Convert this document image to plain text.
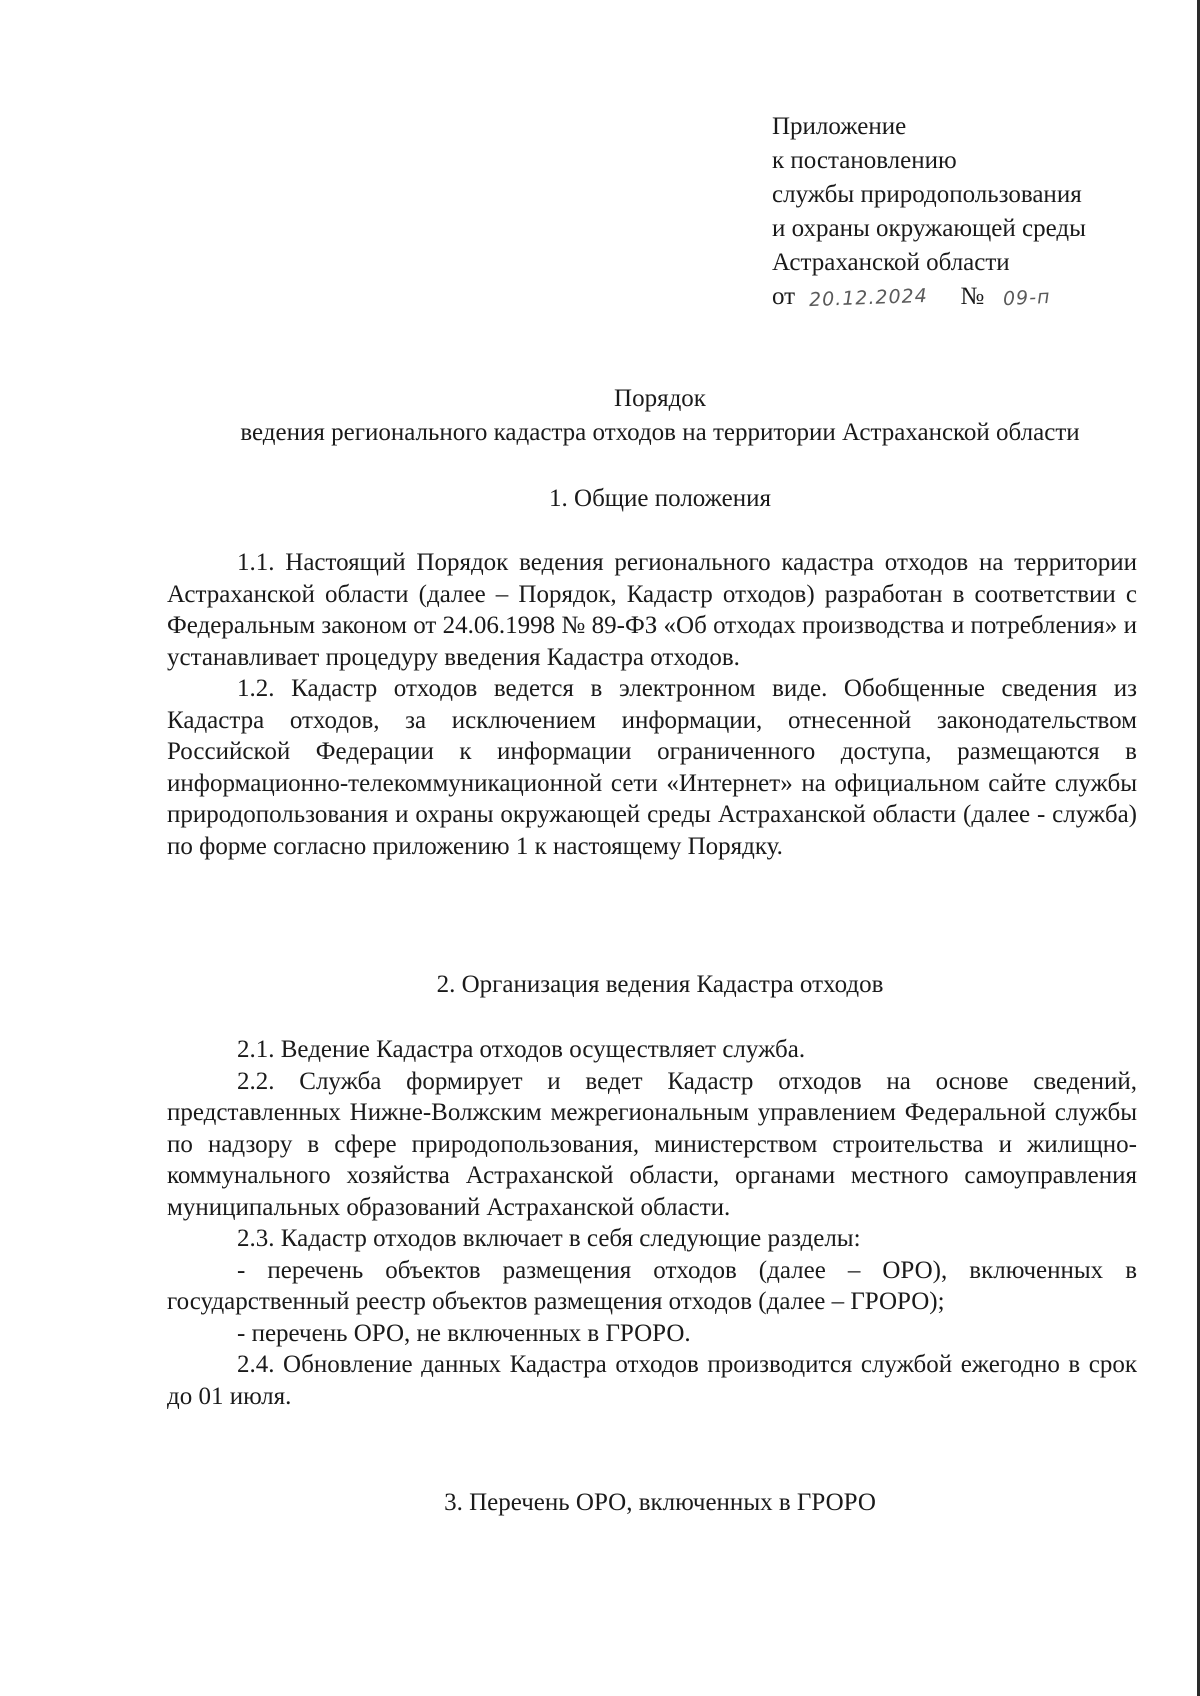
Приложение
к постановлению
службы природопользования
и охраны окружающей среды
Астраханской области
от 20.12.2024 № 09-п
Порядок
ведения регионального кадастра отходов на территории Астраханской области
1. Общие положения

1.1. Настоящий Порядок ведения регионального кадастра отходов на территории Астраханской области (далее – Порядок, Кадастр отходов) разработан в соответствии с Федеральным законом от 24.06.1998 № 89-ФЗ «Об отходах производства и потребления» и устанавливает процедуру введения Кадастра отходов.

1.2. Кадастр отходов ведется в электронном виде. Обобщенные сведения из Кадастра отходов, за исключением информации, отнесенной законодательством Российской Федерации к информации ограниченного доступа, размещаются в информационно-телекоммуникационной сети «Интернет» на официальном сайте службы природопользования и охраны окружающей среды Астраханской области (далее - служба) по форме согласно приложению 1 к настоящему Порядку.

2. Организация ведения Кадастра отходов

2.1. Ведение Кадастра отходов осуществляет служба.

2.2. Служба формирует и ведет Кадастр отходов на основе сведений, представленных Нижне-Волжским межрегиональным управлением Федеральной службы по надзору в сфере природопользования, министерством строительства и жилищно-коммунального хозяйства Астраханской области, органами местного самоуправления муниципальных образований Астраханской области.

2.3. Кадастр отходов включает в себя следующие разделы:

- перечень объектов размещения отходов (далее – ОРО), включенных в государственный реестр объектов размещения отходов (далее – ГРОРО);

- перечень ОРО, не включенных в ГРОРО.

2.4. Обновление данных Кадастра отходов производится службой ежегодно в срок до 01 июля.

3. Перечень ОРО, включенных в ГРОРО
